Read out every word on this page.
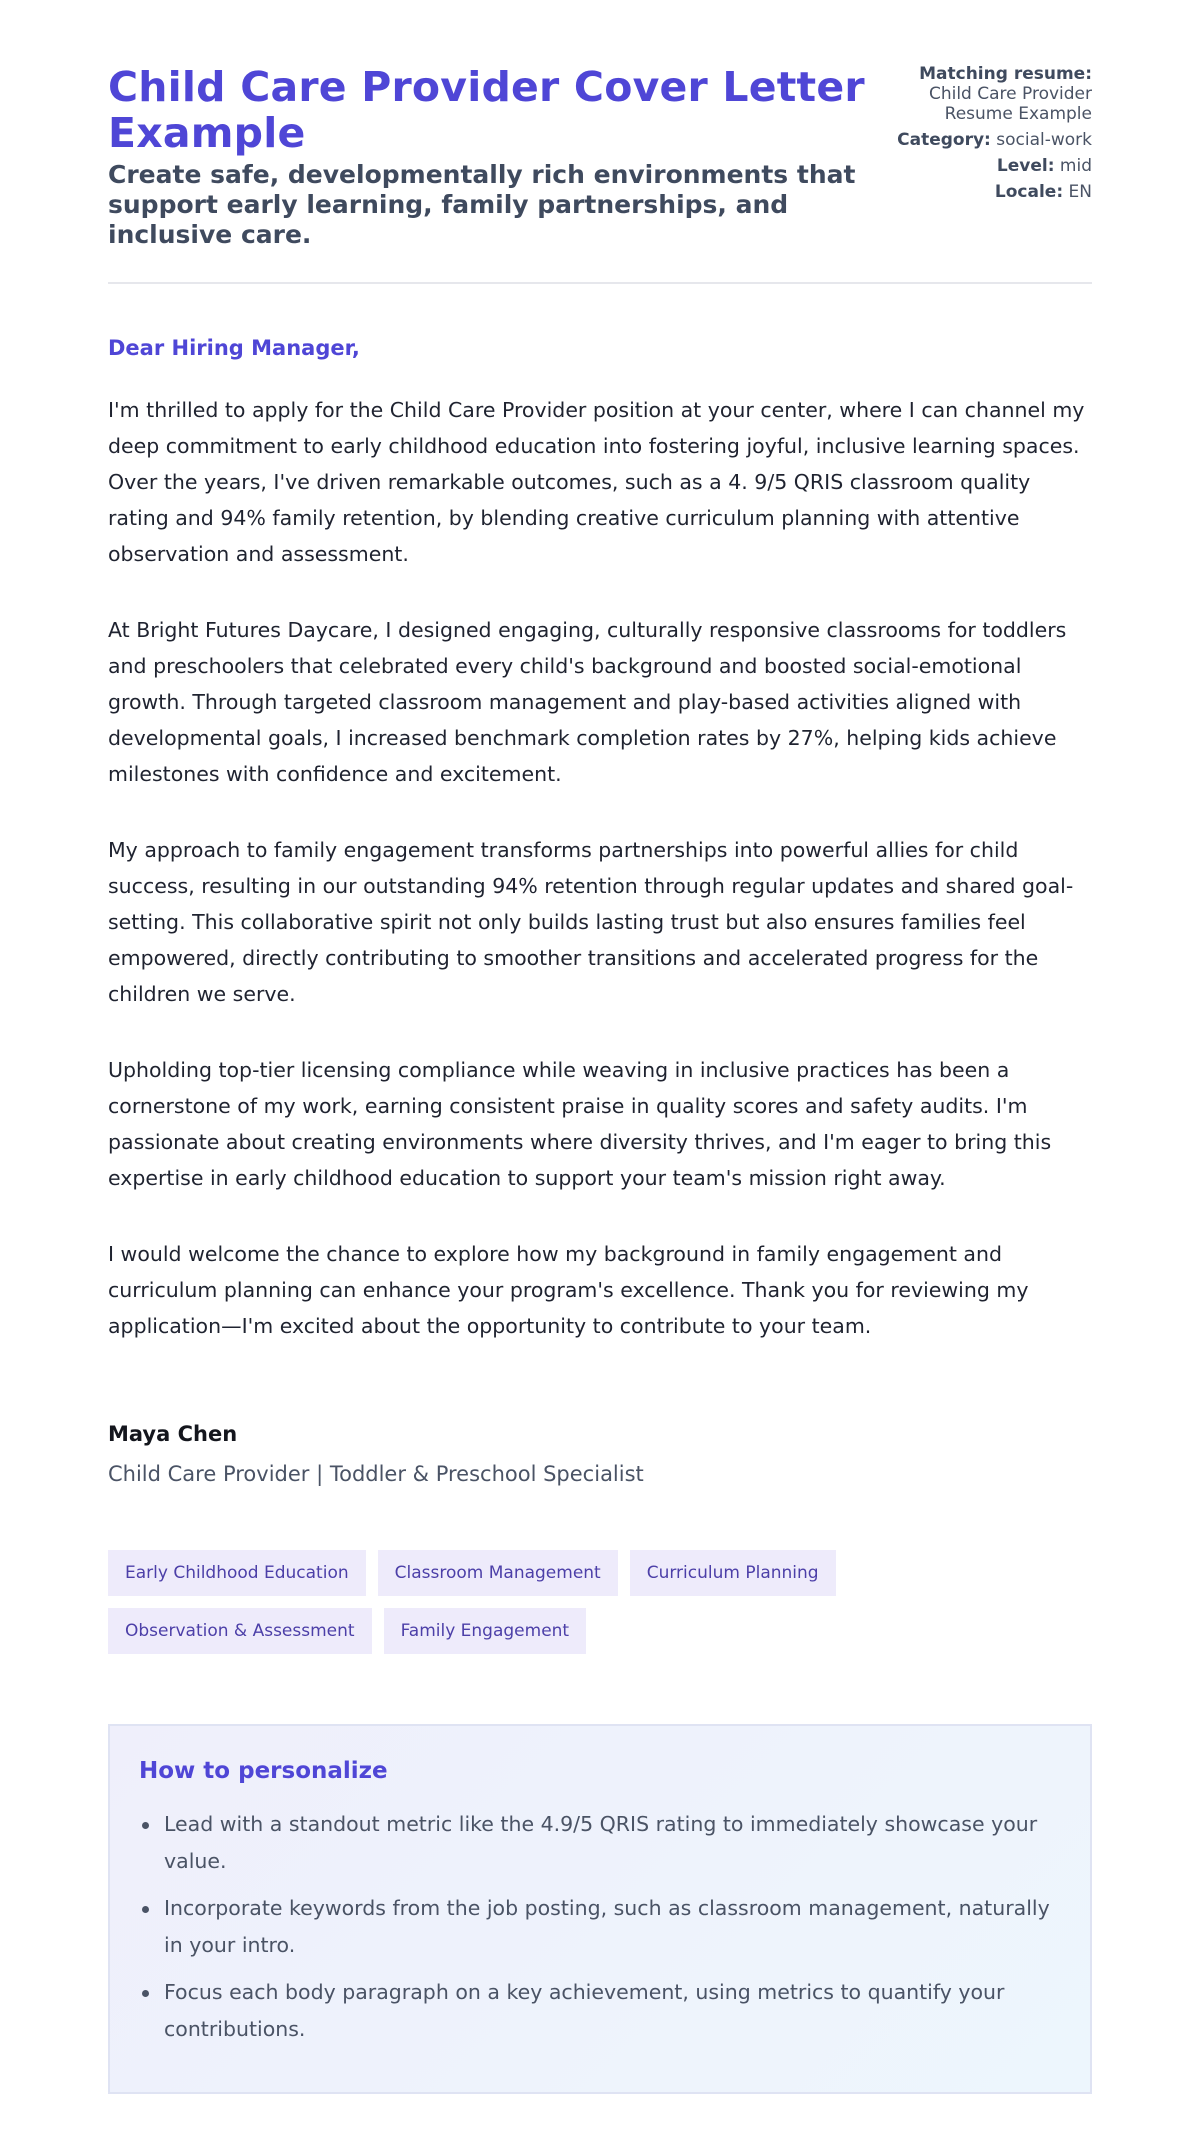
Child Care Provider Cover Letter Example
Create safe, developmentally rich environments that support early learning, family partnerships, and inclusive care.
Matching resume:
Child Care Provider
Resume Example
Category: social-work
Level: mid
Locale: EN
Dear Hiring Manager,

I'm thrilled to apply for the Child Care Provider position at your center, where I can channel my deep commitment to early childhood education into fostering joyful, inclusive learning spaces. Over the years, I've driven remarkable outcomes, such as a 4. 9/5 QRIS classroom quality rating and 94% family retention, by blending creative curriculum planning with attentive observation and assessment.

At Bright Futures Daycare, I designed engaging, culturally responsive classrooms for toddlers and preschoolers that celebrated every child's background and boosted social-emotional growth. Through targeted classroom management and play-based activities aligned with developmental goals, I increased benchmark completion rates by 27%, helping kids achieve milestones with confidence and excitement.

My approach to family engagement transforms partnerships into powerful allies for child success, resulting in our outstanding 94% retention through regular updates and shared goal-setting. This collaborative spirit not only builds lasting trust but also ensures families feel empowered, directly contributing to smoother transitions and accelerated progress for the children we serve.

Upholding top-tier licensing compliance while weaving in inclusive practices has been a cornerstone of my work, earning consistent praise in quality scores and safety audits. I'm passionate about creating environments where diversity thrives, and I'm eager to bring this expertise in early childhood education to support your team's mission right away.

I would welcome the chance to explore how my background in family engagement and curriculum planning can enhance your program's excellence. Thank you for reviewing my application—I'm excited about the opportunity to contribute to your team.

Maya Chen
Child Care Provider | Toddler & Preschool Specialist
Early Childhood Education	Classroom Management	Curriculum Planning
Observation & Assessment	Family Engagement
How to personalize
Lead with a standout metric like the 4.9/5 QRIS rating to immediately showcase your value.
Incorporate keywords from the job posting, such as classroom management, naturally in your intro.
Focus each body paragraph on a key achievement, using metrics to quantify your contributions.
